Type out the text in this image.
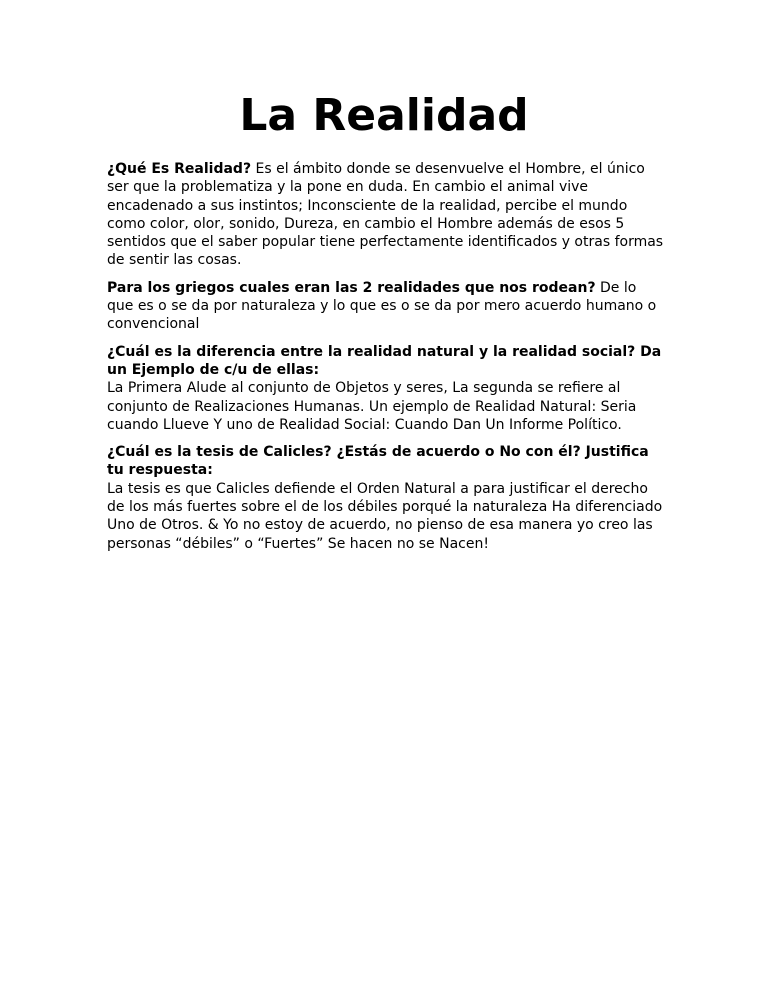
La Realidad

¿Qué Es Realidad? Es el ámbito donde se desenvuelve el Hombre, el único ser que la problematiza y la pone en duda. En cambio el animal vive encadenado a sus instintos; Inconsciente de la realidad, percibe el mundo como color, olor, sonido, Dureza, en cambio el Hombre además de esos 5 sentidos que el saber popular tiene perfectamente identificados y otras formas de sentir las cosas.

Para los griegos cuales eran las 2 realidades que nos rodean? De lo que es o se da por naturaleza y lo que es o se da por mero acuerdo humano o convencional

¿Cuál es la diferencia entre la realidad natural y la realidad social? Da un Ejemplo de c/u de ellas:
La Primera Alude al conjunto de Objetos y seres, La segunda se refiere al conjunto de Realizaciones Humanas. Un ejemplo de Realidad Natural: Seria cuando Llueve Y uno de Realidad Social: Cuando Dan Un Informe Político.

¿Cuál es la tesis de Calicles? ¿Estás de acuerdo o No con él? Justifica tu respuesta:
La tesis es que Calicles defiende el Orden Natural a para justificar el derecho de los más fuertes sobre el de los débiles porqué la naturaleza Ha diferenciado Uno de Otros. & Yo no estoy de acuerdo, no pienso de esa manera yo creo las personas “débiles” o “Fuertes” Se hacen no se Nacen!
